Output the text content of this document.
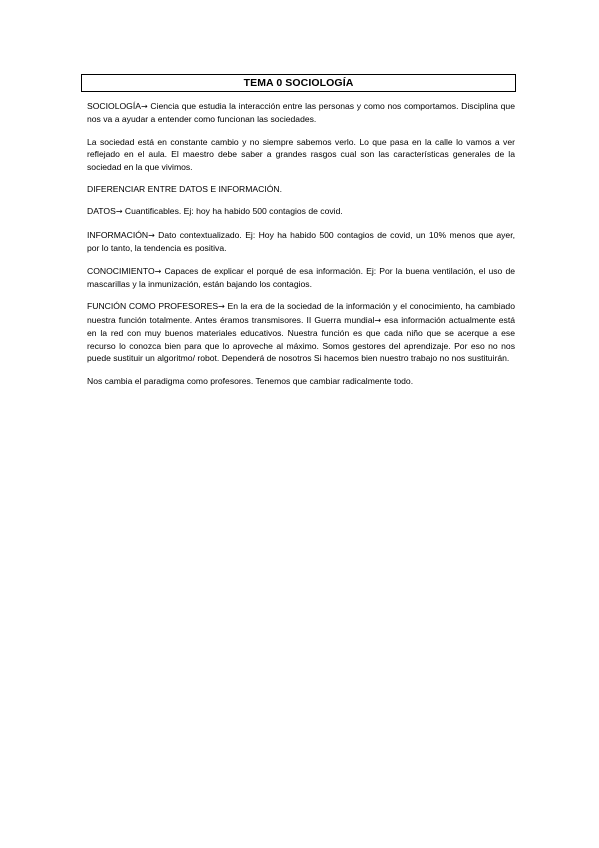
TEMA 0 SOCIOLOGÍA

SOCIOLOGÍA→ Ciencia que estudia la interacción entre las personas y como nos comportamos. Disciplina que nos va a ayudar a entender como funcionan las sociedades.

La sociedad está en constante cambio y no siempre sabemos verlo. Lo que pasa en la calle lo vamos a ver reflejado en el aula. El maestro debe saber a grandes rasgos cual son las características generales de la sociedad en la que vivimos.

DIFERENCIAR ENTRE DATOS E INFORMACIÓN.

DATOS→ Cuantificables. Ej: hoy ha habido 500 contagios de covid.

INFORMACIÓN→ Dato contextualizado. Ej: Hoy ha habido 500 contagios de covid, un 10% menos que ayer, por lo tanto, la tendencia es positiva.

CONOCIMIENTO→ Capaces de explicar el porqué de esa información. Ej: Por la buena ventilación, el uso de mascarillas y la inmunización, están bajando los contagios.

FUNCIÓN COMO PROFESORES→ En la era de la sociedad de la información y el conocimiento, ha cambiado nuestra función totalmente. Antes éramos transmisores. II Guerra mundial→ esa información actualmente está en la red con muy buenos materiales educativos. Nuestra función es que cada niño que se acerque a ese recurso lo conozca bien para que lo aproveche al máximo. Somos gestores del aprendizaje. Por eso no nos puede sustituir un algoritmo/ robot. Dependerá de nosotros Si hacemos bien nuestro trabajo no nos sustituirán.

Nos cambia el paradigma como profesores. Tenemos que cambiar radicalmente todo.
